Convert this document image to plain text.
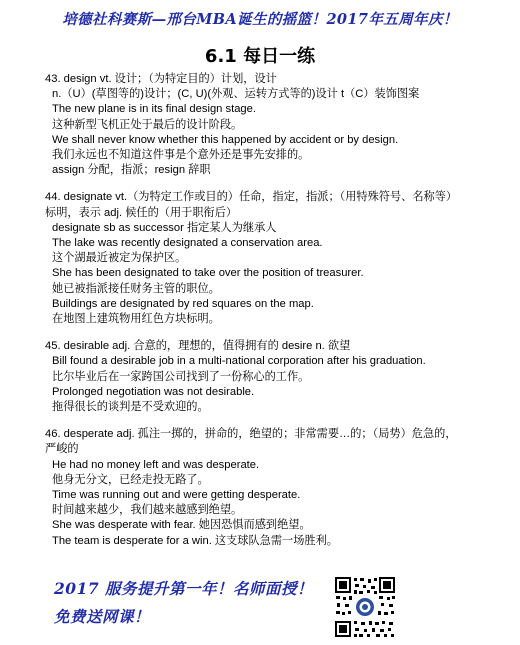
培德社科赛斯—邢台MBA诞生的摇篮！2017年五周年庆！
6.1 每日一练
43. design vt. 设计；（为特定目的）计划，设计
n.（U）(草图等的)设计；(C, U)(外观、运转方式等的)设计 t（C）装饰图案
The new plane is in its final design stage.
这种新型飞机正处于最后的设计阶段。
We shall never know whether this happened by accident or by design.
我们永远也不知道这件事是个意外还是事先安排的。
assign 分配，指派；resign 辞职
44. designate vt.（为特定工作或目的）任命，指定，指派；（用特殊符号、名称等）标明，表示 adj. 候任的（用于职衔后）
designate sb as successor 指定某人为继承人
The lake was recently designated a conservation area.
这个湖最近被定为保护区。
She has been designated to take over the position of treasurer.
她已被指派接任财务主管的职位。
Buildings are designated by red squares on the map.
在地图上建筑物用红色方块标明。
45. desirable adj. 合意的，理想的，值得拥有的 desire n. 欲望
Bill found a desirable job in a multi-national corporation after his graduation.
比尔毕业后在一家跨国公司找到了一份称心的工作。
Prolonged negotiation was not desirable.
拖得很长的谈判是不受欢迎的。
46. desperate adj. 孤注一掷的，拼命的，绝望的；非常需要…的；（局势）危急的，严峻的
He had no money left and was desperate.
他身无分文，已经走投无路了。
Time was running out and were getting desperate.
时间越来越少，我们越来越感到绝望。
She was desperate with fear. 她因恐惧而感到绝望。
The team is desperate for a win. 这支球队急需一场胜利。
2017 服务提升第一年！名师面授！
免费送网课！
